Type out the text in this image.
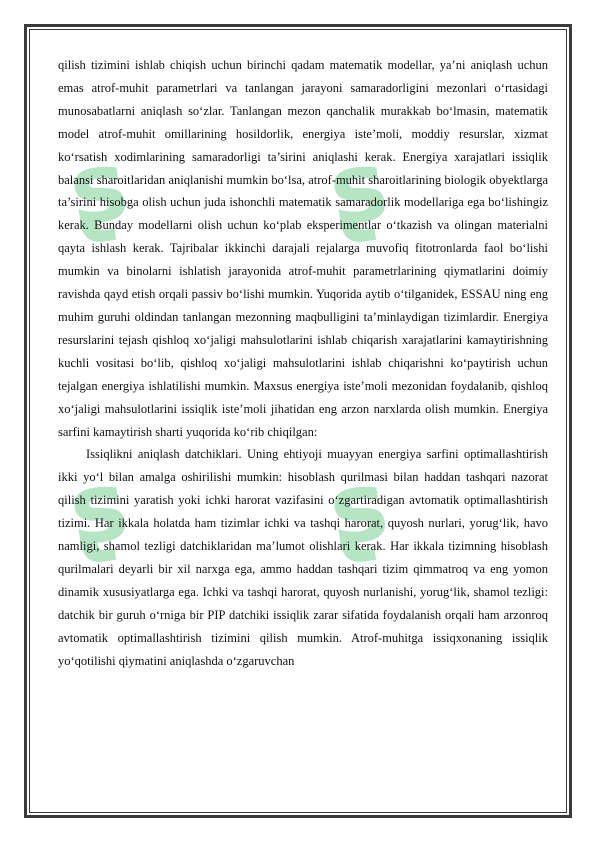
ʂ ʂ
ʂ ʂ

qilish tizimini ishlab chiqish uchun birinchi qadam matematik modellar, ya’ni aniqlash uchun emas atrof-muhit parametrlari va tanlangan jarayoni samaradorligini mezonlari o‘rtasidagi munosabatlarni aniqlash so‘zlar. Tanlangan mezon qanchalik murakkab bo‘lmasin, matematik model atrof-muhit omillarining hosildorlik, energiya iste’moli, moddiy resurslar, xizmat ko‘rsatish xodimlarining samaradorligi ta’sirini aniqlashi kerak. Energiya xarajatlari issiqlik balansi sharoitlaridan aniqlanishi mumkin bo‘lsa, atrof-muhit sharoitlarining biologik obyektlarga ta’sirini hisobga olish uchun juda ishonchli matematik samaradorlik modellariga ega bo‘lishingiz kerak. Bunday modellarni olish uchun ko‘plab eksperimentlar o‘tkazish va olingan materialni qayta ishlash kerak. Tajribalar ikkinchi darajali rejalarga muvofiq fitotronlarda faol bo‘lishi mumkin va binolarni ishlatish jarayonida atrof-muhit parametrlarining qiymatlarini doimiy ravishda qayd etish orqali passiv bo‘lishi mumkin. Yuqorida aytib o‘tilganidek, ESSAU ning eng muhim guruhi oldindan tanlangan mezonning maqbulligini ta’minlaydigan tizimlardir. Energiya resurslarini tejash qishloq xo‘jaligi mahsulotlarini ishlab chiqarish xarajatlarini kamaytirishning kuchli vositasi bo‘lib, qishloq xo‘jaligi mahsulotlarini ishlab chiqarishni ko‘paytirish uchun tejalgan energiya ishlatilishi mumkin. Maxsus energiya iste’moli mezonidan foydalanib, qishloq xo‘jaligi mahsulotlarini issiqlik iste’moli jihatidan eng arzon narxlarda olish mumkin. Energiya sarfini kamaytirish sharti yuqorida ko‘rib chiqilgan:

Issiqlikni aniqlash datchiklari. Uning ehtiyoji muayyan energiya sarfini optimallashtirish ikki yo‘l bilan amalga oshirilishi mumkin: hisoblash qurilmasi bilan haddan tashqari nazorat qilish tizimini yaratish yoki ichki harorat vazifasini o‘zgartiradigan avtomatik optimallashtirish tizimi. Har ikkala holatda ham tizimlar ichki va tashqi harorat, quyosh nurlari, yorug‘lik, havo namligi, shamol tezligi datchiklaridan ma’lumot olishlari kerak. Har ikkala tizimning hisoblash qurilmalari deyarli bir xil narxga ega, ammo haddan tashqari tizim qimmatroq va eng yomon dinamik xususiyatlarga ega. Ichki va tashqi harorat, quyosh nurlanishi, yorug‘lik, shamol tezligi: datchik bir guruh o‘rniga bir PIP datchiki issiqlik zarar sifatida foydalanish orqali ham arzonroq avtomatik optimallashtirish tizimini qilish mumkin. Atrof-muhitga issiqxonaning issiqlik yo‘qotilishi qiymatini aniqlashda o‘zgaruvchan
